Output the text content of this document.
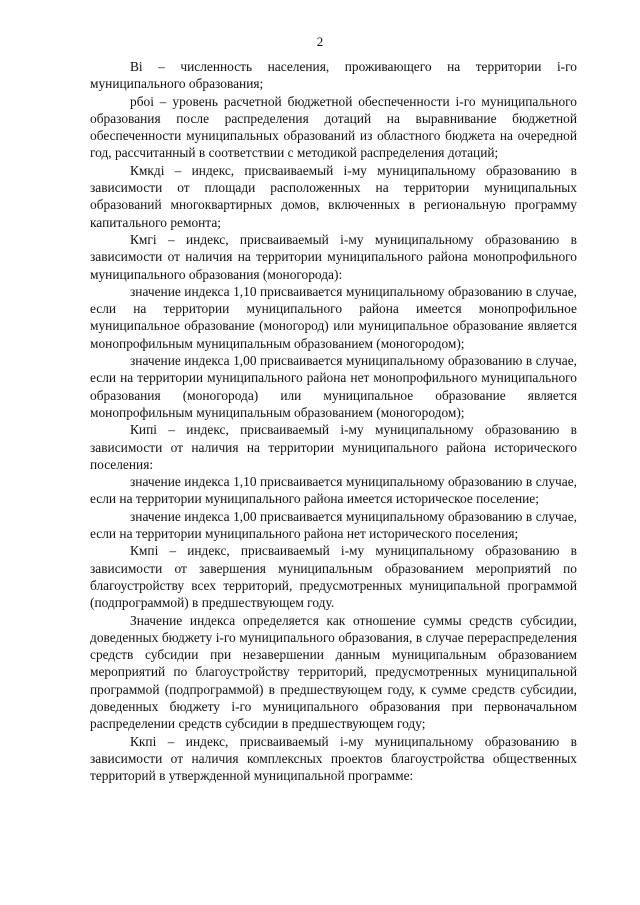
2

Вi – численность населения, проживающего на территории i-го муниципального образования;

рбоi – уровень расчетной бюджетной обеспеченности i-го муниципального образования после распределения дотаций на выравнивание бюджетной обеспеченности муниципальных образований из областного бюджета на очередной год, рассчитанный в соответствии с методикой распределения дотаций;

Кмкдi – индекс, присваиваемый i-му муниципальному образованию в зависимости от площади расположенных на территории муниципальных образований многоквартирных домов, включенных в региональную программу капитального ремонта;

Кмгi – индекс, присваиваемый i-му муниципальному образованию в зависимости от наличия на территории муниципального района монопрофильного муниципального образования (моногорода):

значение индекса 1,10 присваивается муниципальному образованию в случае, если на территории муниципального района имеется монопрофильное муниципальное образование (моногород) или муниципальное образование является монопрофильным муниципальным образованием (моногородом);

значение индекса 1,00 присваивается муниципальному образованию в случае, если на территории муниципального района нет монопрофильного муниципального образования (моногорода) или муниципальное образование является монопрофильным муниципальным образованием (моногородом);

Кипi – индекс, присваиваемый i-му муниципальному образованию в зависимости от наличия на территории муниципального района исторического поселения:

значение индекса 1,10 присваивается муниципальному образованию в случае, если на территории муниципального района имеется историческое поселение;

значение индекса 1,00 присваивается муниципальному образованию в случае, если на территории муниципального района нет исторического поселения;

Кмпi – индекс, присваиваемый i-му муниципальному образованию в зависимости от завершения муниципальным образованием мероприятий по благоустройству всех территорий, предусмотренных муниципальной программой (подпрограммой) в предшествующем году.

Значение индекса определяется как отношение суммы средств субсидии, доведенных бюджету i-го муниципального образования, в случае перераспределения средств субсидии при незавершении данным муниципальным образованием мероприятий по благоустройству территорий, предусмотренных муниципальной программой (подпрограммой) в предшествующем году, к сумме средств субсидии, доведенных бюджету i-го муниципального образования при первоначальном распределении средств субсидии в предшествующем году;

Ккпi – индекс, присваиваемый i-му муниципальному образованию в зависимости от наличия комплексных проектов благоустройства общественных территорий в утвержденной муниципальной программе:
